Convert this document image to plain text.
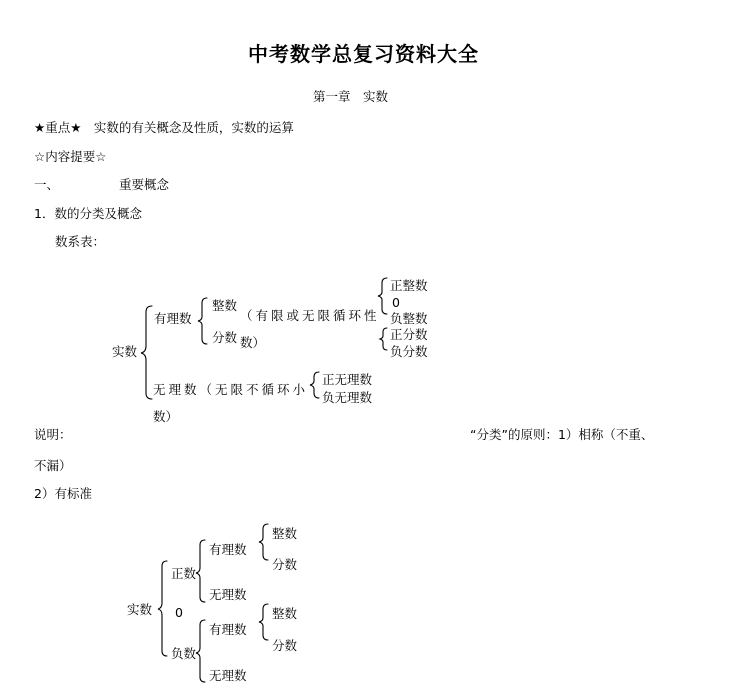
中考数学总复习资料大全
第一章　实数
★重点★　实数的有关概念及性质，实数的运算
☆内容提要☆
一、	重要概念
1．数的分类及概念
数系表：
实数
有理数
整数
（有限或无限循环性
正整数
0
负整数
分数 数）
正分数
负分数
无理数（无限不循环小
数）
正无理数
负无理数
说明：	“分类”的原则：1）相称（不重、
不漏）
2）有标准
实数
正数
0
负数
有理数
整数
分数
无理数
有理数
整数
分数
无理数
